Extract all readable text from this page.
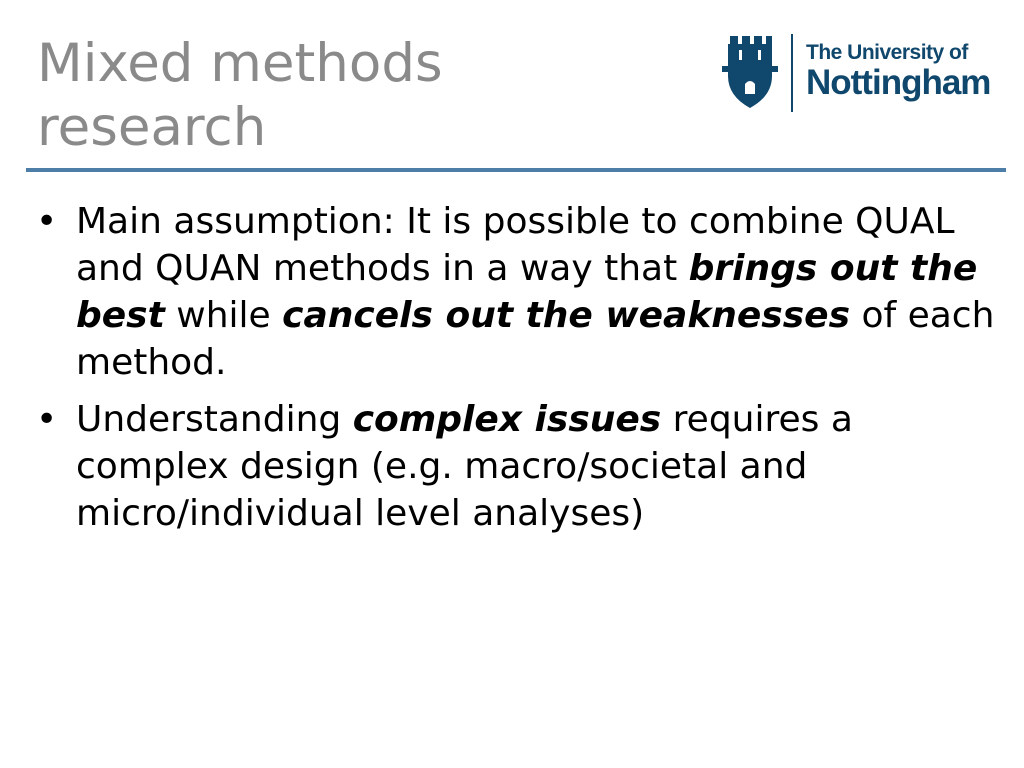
Mixed methods
research
The University of
Nottingham
• Main assumption: It is possible to combine QUAL and QUAN methods in a way that brings out the best while cancels out the weaknesses of each method.
• Understanding complex issues requires a complex design (e.g. macro/societal and micro/individual level analyses)
